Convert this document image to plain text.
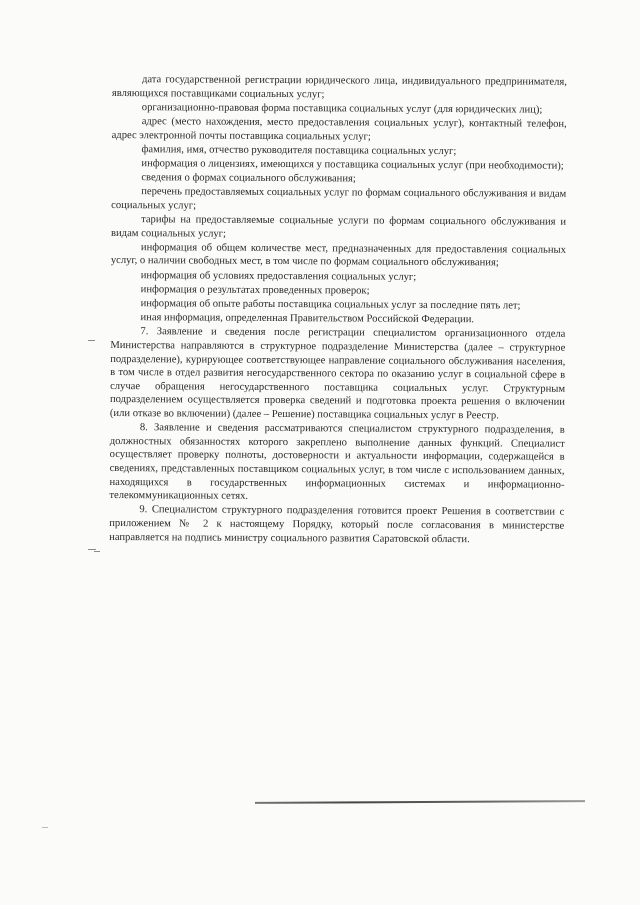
дата государственной регистрации юридического лица, индивидуального предпринимателя, являющихся поставщиками социальных услуг;

организационно-правовая форма поставщика социальных услуг (для юридических лиц);

адрес (место нахождения, место предоставления социальных услуг), контактный телефон, адрес электронной почты поставщика социальных услуг;

фамилия, имя, отчество руководителя поставщика социальных услуг;

информация о лицензиях, имеющихся у поставщика социальных услуг (при необходимости);

сведения о формах социального обслуживания;

перечень предоставляемых социальных услуг по формам социального обслуживания и видам социальных услуг;

тарифы на предоставляемые социальные услуги по формам социального обслуживания и видам социальных услуг;

информация об общем количестве мест, предназначенных для предоставления социальных услуг, о наличии свободных мест, в том числе по формам социального обслуживания;

информация об условиях предоставления социальных услуг;

информация о результатах проведенных проверок;

информация об опыте работы поставщика социальных услуг за последние пять лет;

иная информация, определенная Правительством Российской Федерации.

7. Заявление и сведения после регистрации специалистом организационного отдела Министерства направляются в структурное подразделение Министерства (далее – структурное подразделение), курирующее соответствующее направление социального обслуживания населения, в том числе в отдел развития негосударственного сектора по оказанию услуг в социальной сфере в случае обращения негосударственного поставщика социальных услуг. Структурным подразделением осуществляется проверка сведений и подготовка проекта решения о включении (или отказе во включении) (далее – Решение) поставщика социальных услуг в Реестр.

8. Заявление и сведения рассматриваются специалистом структурного подразделения, в должностных обязанностях которого закреплено выполнение данных функций. Специалист осуществляет проверку полноты, достоверности и актуальности информации, содержащейся в сведениях, представленных поставщиком социальных услуг, в том числе с использованием данных, находящихся в государственных информационных системах и информационно-телекоммуникационных сетях.

9. Специалистом структурного подразделения готовится проект Решения в соответствии с приложением № 2 к настоящему Порядку, который после согласования в министерстве направляется на подпись министру социального развития Саратовской области.
